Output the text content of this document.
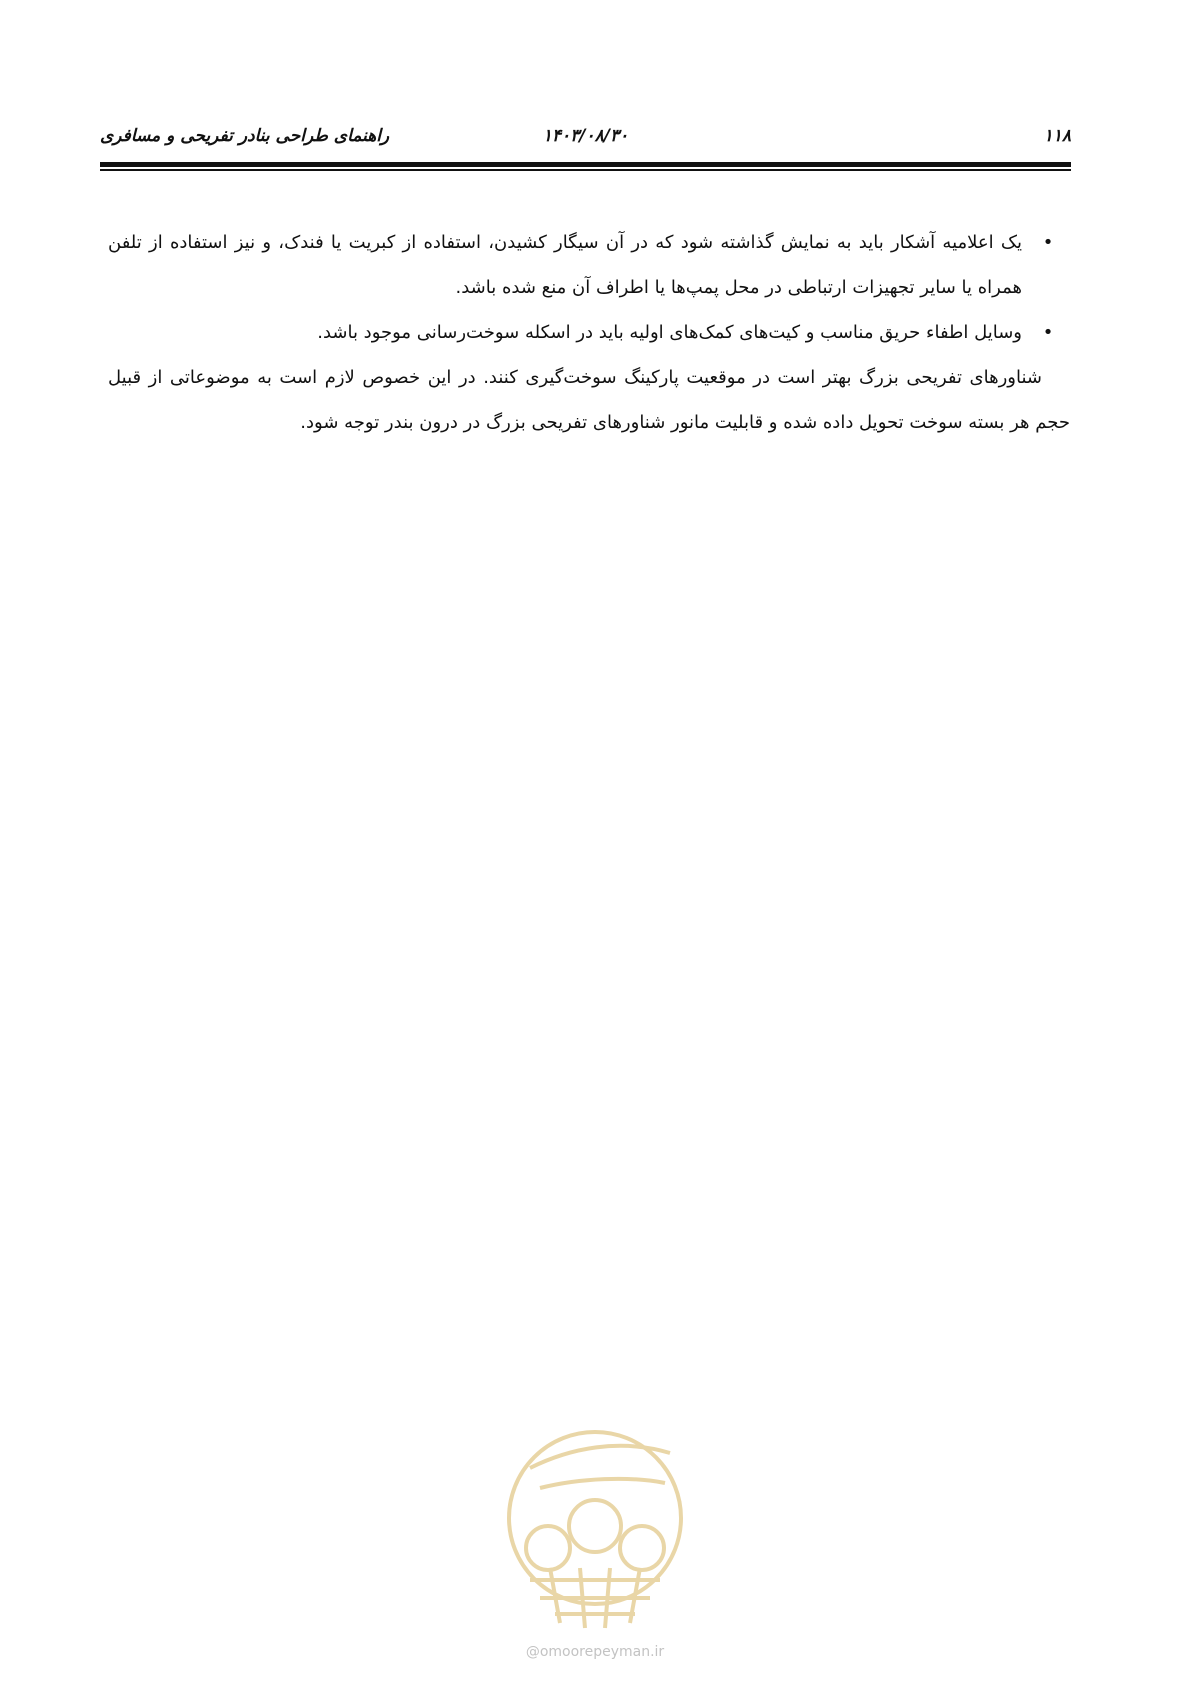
۱۱۸
۱۴۰۳/۰۸/۳۰
راهنمای طراحی بنادر تفریحی و مسافری
•
یک اعلامیه آشکار باید به نمایش گذاشته شود که در آن سیگار کشیدن، استفاده از کبریت یا فندک، و نیز استفاده از تلفن همراه یا سایر تجهیزات ارتباطی در محل پمپ‌ها یا اطراف آن منع شده باشد.
•
وسایل اطفاء حریق مناسب و کیت‌های کمک‌های اولیه باید در اسکله سوخت‌رسانی موجود باشد.

شناورهای تفریحی بزرگ بهتر است در موقعیت پارکینگ سوخت‌گیری کنند. در این خصوص لازم است به موضوعاتی از قبیل حجم هر بسته سوخت تحویل داده شده و قابلیت مانور شناورهای تفریحی بزرگ در درون بندر توجه شود.

@omoorepeyman.ir
